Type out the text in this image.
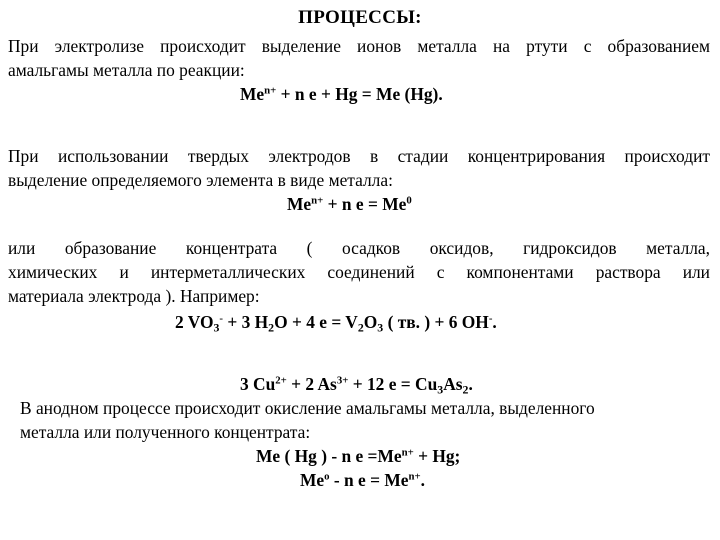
ПРОЦЕССЫ:

При электролизе происходит выделение ионов металла на ртути с образованием

амальгамы металла по реакции:

$Me^{n+} + n$ e + Hg = Me (Hg).

При использовании твердых электродов в стадии концентрирования происходит

выделение определяемого элемента в виде металла:

$Me^{n+} + n$ $e = Me^0$

или образование концентрата ( осадков оксидов, гидроксидов металла,

химических и интерметаллических соединений с компонентами раствора или

материала электрода ). Например:

2 $VO_3^- + 3$ $H_2O + 4$ $e = V_2O_3$ ( тв. ) + 6 OH-.

3 $Cu^{2+} + 2$ $As^{3+} + 12$ $e = Cu_3As_2$.

В анодном процессе происходит окисление амальгамы металла, выделенного

металла или полученного концентрата:

Me ( Hg ) - n $e =Me^{n+} + Hg$;

Me$^o$ - n $e = Me^{n+}$.
